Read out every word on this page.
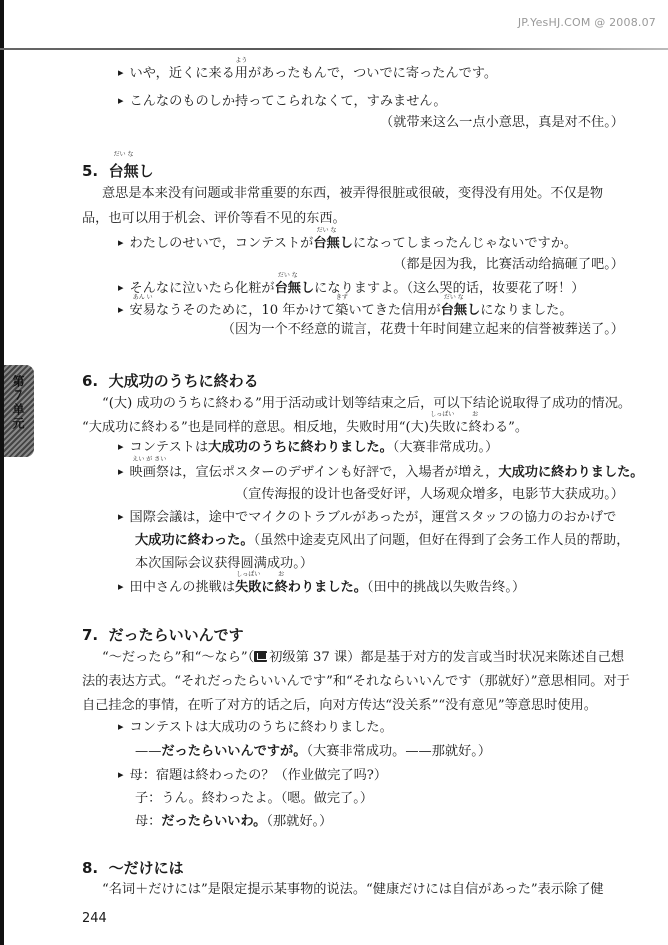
JP.YesHJ.COM @ 2008.07
第７单元
▸ いや，近くに来る
よう
用があったもんで，ついでに寄ったんです。
▸ こんなのものしか持ってこられなくて，すみません。
（就带来这么一点小意思，真是对不住。）
5.
だい な
台無し
意思是本来没有问题或非常重要的东西，被弄得很脏或很破，变得没有用处。不仅是物
品，也可以用于机会、评价等看不见的东西。
▸ わたしのせいで，コンテストが
だい な
台無しになってしまったんじゃないですか。
（都是因为我，比赛活动给搞砸了吧。）
▸ そんなに泣いたら化粧が
だい な
台無しになりますよ。（这么哭的话，妆要花了呀！）
▸ あん い
安易なうそのために，10 年かけて
きず
築いてきた信用が
だい な
台無しになりました。
（因为一个不经意的谎言，花费十年时间建立起来的信誉被葬送了。）
6. 大成功のうちに終わる
“(大) 成功のうちに終わる”用于活动或计划等结束之后，可以下结论说取得了成功的情况。
“大成功に終わる”也是同样的意思。相反地，失败时用“(大)
しっぱい
失敗に
お
終わる”。
▸ コンテストは大成功のうちに終わりました。（大赛非常成功。）
▸ えい が さい
映画祭は，宣伝ポスターのデザインも好評で，入場者が増え，大成功に終わりました。
（宣传海报的设计也备受好评，人场观众增多，电影节大获成功。）
▸ 国際会議は，途中でマイクのトラブルがあったが，運営スタッフの協力のおかげで
大成功に終わった。（虽然中途麦克风出了问题，但好在得到了会务工作人员的帮助，
本次国际会议获得圆满成功。）
▸ 田中さんの挑戦は
しっぱい
失敗に
お
終わりました。（田中的挑战以失败告终。）
7. だったらいいんです
“～だったら”和“～なら”（ 初级第 37 课）都是基于对方的发言或当时状况来陈述自己想
法的表达方式。“それだったらいいんです”和“それならいいんです（那就好）”意思相同。对于
自己挂念的事情，在听了对方的话之后，向对方传达“没关系”“没有意见”等意思时使用。
▸ コンテストは大成功のうちに終わりました。
——だったらいいんですが。（大赛非常成功。——那就好。）
▸ 母：宿題は終わったの？（作业做完了吗?）
子：うん。終わったよ。（嗯。做完了。）
母：だったらいいわ。（那就好。）
8. ～だけには
“名词＋だけには”是限定提示某事物的说法。“健康だけには自信があった”表示除了健
244
